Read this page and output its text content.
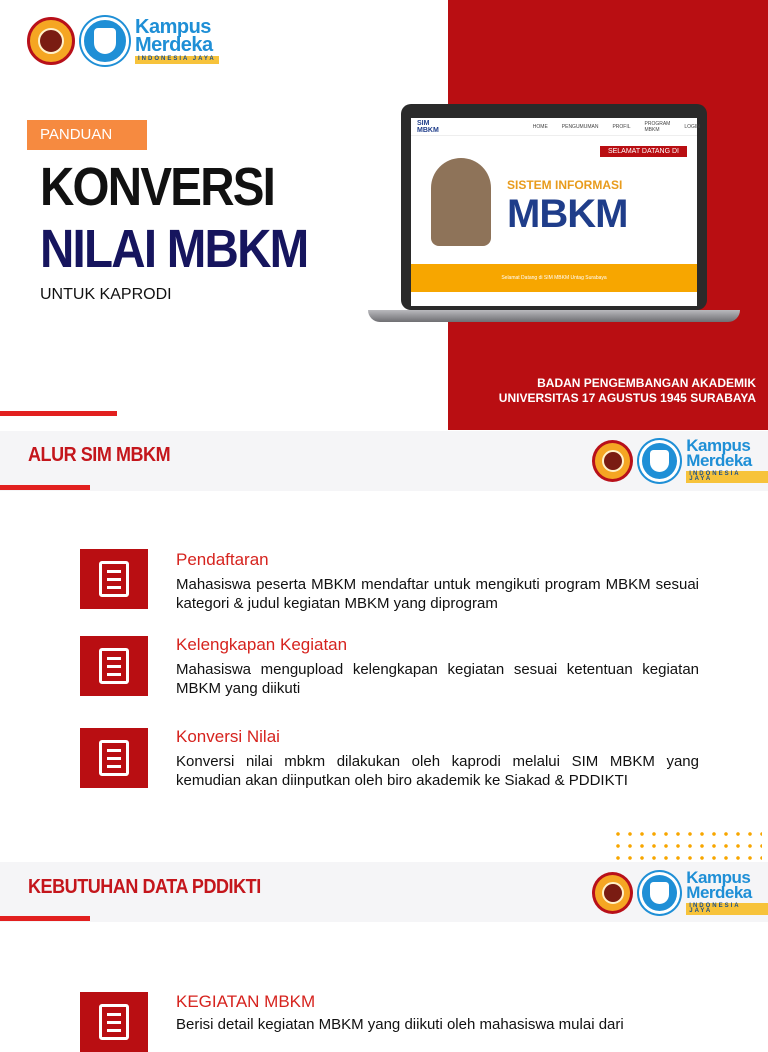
Kampus
Merdeka
INDONESIA JAYA
PANDUAN
KONVERSI
NILAI MBKM
UNTUK KAPRODI
SIM MBKM	HOME	PENGUMUMAN	PROFIL	PROGRAM MBKM	LOGIN
SELAMAT DATANG DI
SISTEM INFORMASI
MBKM
Selamat Datang di SIM MBKM Untag Surabaya
BADAN PENGEMBANGAN AKADEMIK
UNIVERSITAS 17 AGUSTUS 1945 SURABAYA
ALUR SIM MBKM	Kampus
Merdeka
INDONESIA JAYA
Pendaftaran
Mahasiswa peserta MBKM mendaftar untuk mengikuti program MBKM sesuai kategori & judul kegiatan MBKM yang diprogram
Kelengkapan Kegiatan
Mahasiswa mengupload kelengkapan kegiatan sesuai ketentuan kegiatan MBKM yang diikuti
Konversi Nilai
Konversi nilai mbkm dilakukan oleh kaprodi melalui SIM MBKM yang kemudian akan diinputkan oleh biro akademik ke Siakad & PDDIKTI
KEBUTUHAN DATA PDDIKTI	Kampus
Merdeka
INDONESIA JAYA
KEGIATAN MBKM
Berisi detail kegiatan MBKM yang diikuti oleh mahasiswa mulai dari
